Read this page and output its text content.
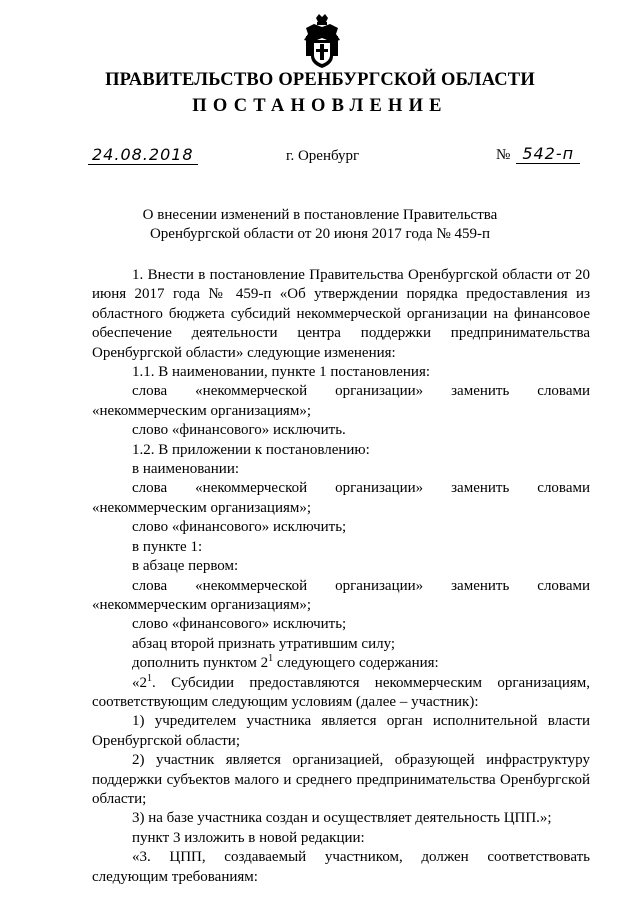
ПРАВИТЕЛЬСТВО ОРЕНБУРГСКОЙ ОБЛАСТИ
ПОСТАНОВЛЕНИЕ
24.08.2018	г. Оренбург	№ 542-п
О внесении изменений в постановление Правительства
Оренбургской области от 20 июня 2017 года № 459-п

1. Внести в постановление Правительства Оренбургской области от 20 июня 2017 года № 459-п «Об утверждении порядка предоставления из областного бюджета субсидий некоммерческой организации на финансовое обеспечение деятельности центра поддержки предпринимательства Оренбургской области» следующие изменения:

1.1. В наименовании, пункте 1 постановления:

слова «некоммерческой организации» заменить словами «некоммерческим организациям»;

слово «финансового» исключить.

1.2. В приложении к постановлению:

в наименовании:

слова «некоммерческой организации» заменить словами «некоммерческим организациям»;

слово «финансового» исключить;

в пункте 1:

в абзаце первом:

слова «некоммерческой организации» заменить словами «некоммерческим организациям»;

слово «финансового» исключить;

абзац второй признать утратившим силу;

дополнить пунктом $2^1$ следующего содержания:

«$2^1$. Субсидии предоставляются некоммерческим организациям, соответствующим следующим условиям (далее – участник):

1) учредителем участника является орган исполнительной власти Оренбургской области;

2) участник является организацией, образующей инфраструктуру поддержки субъектов малого и среднего предпринимательства Оренбургской области;

3) на базе участника создан и осуществляет деятельность ЦПП.»;

пункт 3 изложить в новой редакции:

«3. ЦПП, создаваемый участником, должен соответствовать следующим требованиям:
